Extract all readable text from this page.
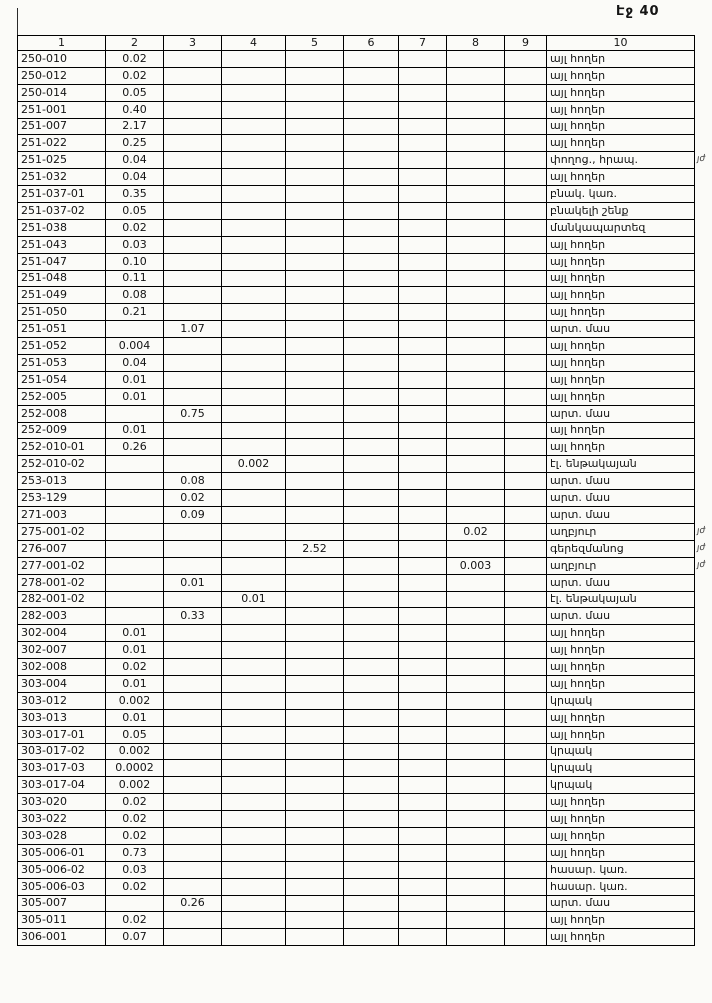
Էջ 40
1	2	3	4	5	6	7	8	9	10
250-010	0.02								այլ հողեր
250-012	0.02								այլ հողեր
250-014	0.05								այլ հողեր
251-001	0.40								այլ հողեր
251-007	2.17								այլ հողեր
251-022	0.25								այլ հողեր
251-025	0.04								փողոց., հրապ.
251-032	0.04								այլ հողեր
251-037-01	0.35								բնակ. կառ.
251-037-02	0.05								բնակելի շենք
251-038	0.02								մանկապարտեզ
251-043	0.03								այլ հողեր
251-047	0.10								այլ հողեր
251-048	0.11								այլ հողեր
251-049	0.08								այլ հողեր
251-050	0.21								այլ հողեր
251-051		1.07							արտ. մաս
251-052	0.004								այլ հողեր
251-053	0.04								այլ հողեր
251-054	0.01								այլ հողեր
252-005	0.01								այլ հողեր
252-008		0.75							արտ. մաս
252-009	0.01								այլ հողեր
252-010-01	0.26								այլ հողեր
252-010-02			0.002						էլ. ենթակայան
253-013		0.08							արտ. մաս
253-129		0.02							արտ. մաս
271-003		0.09							արտ. մաս
275-001-02							0.02		աղբյուր
276-007				2.52					գերեզմանոց
277-001-02							0.003		աղբյուր
278-001-02		0.01							արտ. մաս
282-001-02			0.01						էլ. ենթակայան
282-003		0.33							արտ. մաս
302-004	0.01								այլ հողեր
302-007	0.01								այլ հողեր
302-008	0.02								այլ հողեր
303-004	0.01								այլ հողեր
303-012	0.002								կրպակ
303-013	0.01								այլ հողեր
303-017-01	0.05								այլ հողեր
303-017-02	0.002								կրպակ
303-017-03	0.0002								կրպակ
303-017-04	0.002								կրպակ
303-020	0.02								այլ հողեր
303-022	0.02								այլ հողեր
303-028	0.02								այլ հողեր
305-006-01	0.73								այլ հողեր
305-006-02	0.03								հասար. կառ.
305-006-03	0.02								հասար. կառ.
305-007		0.26							արտ. մաս
305-011	0.02								այլ հողեր
306-001	0.07								այլ հողեր
յժ
յժ
յժ
յժ
